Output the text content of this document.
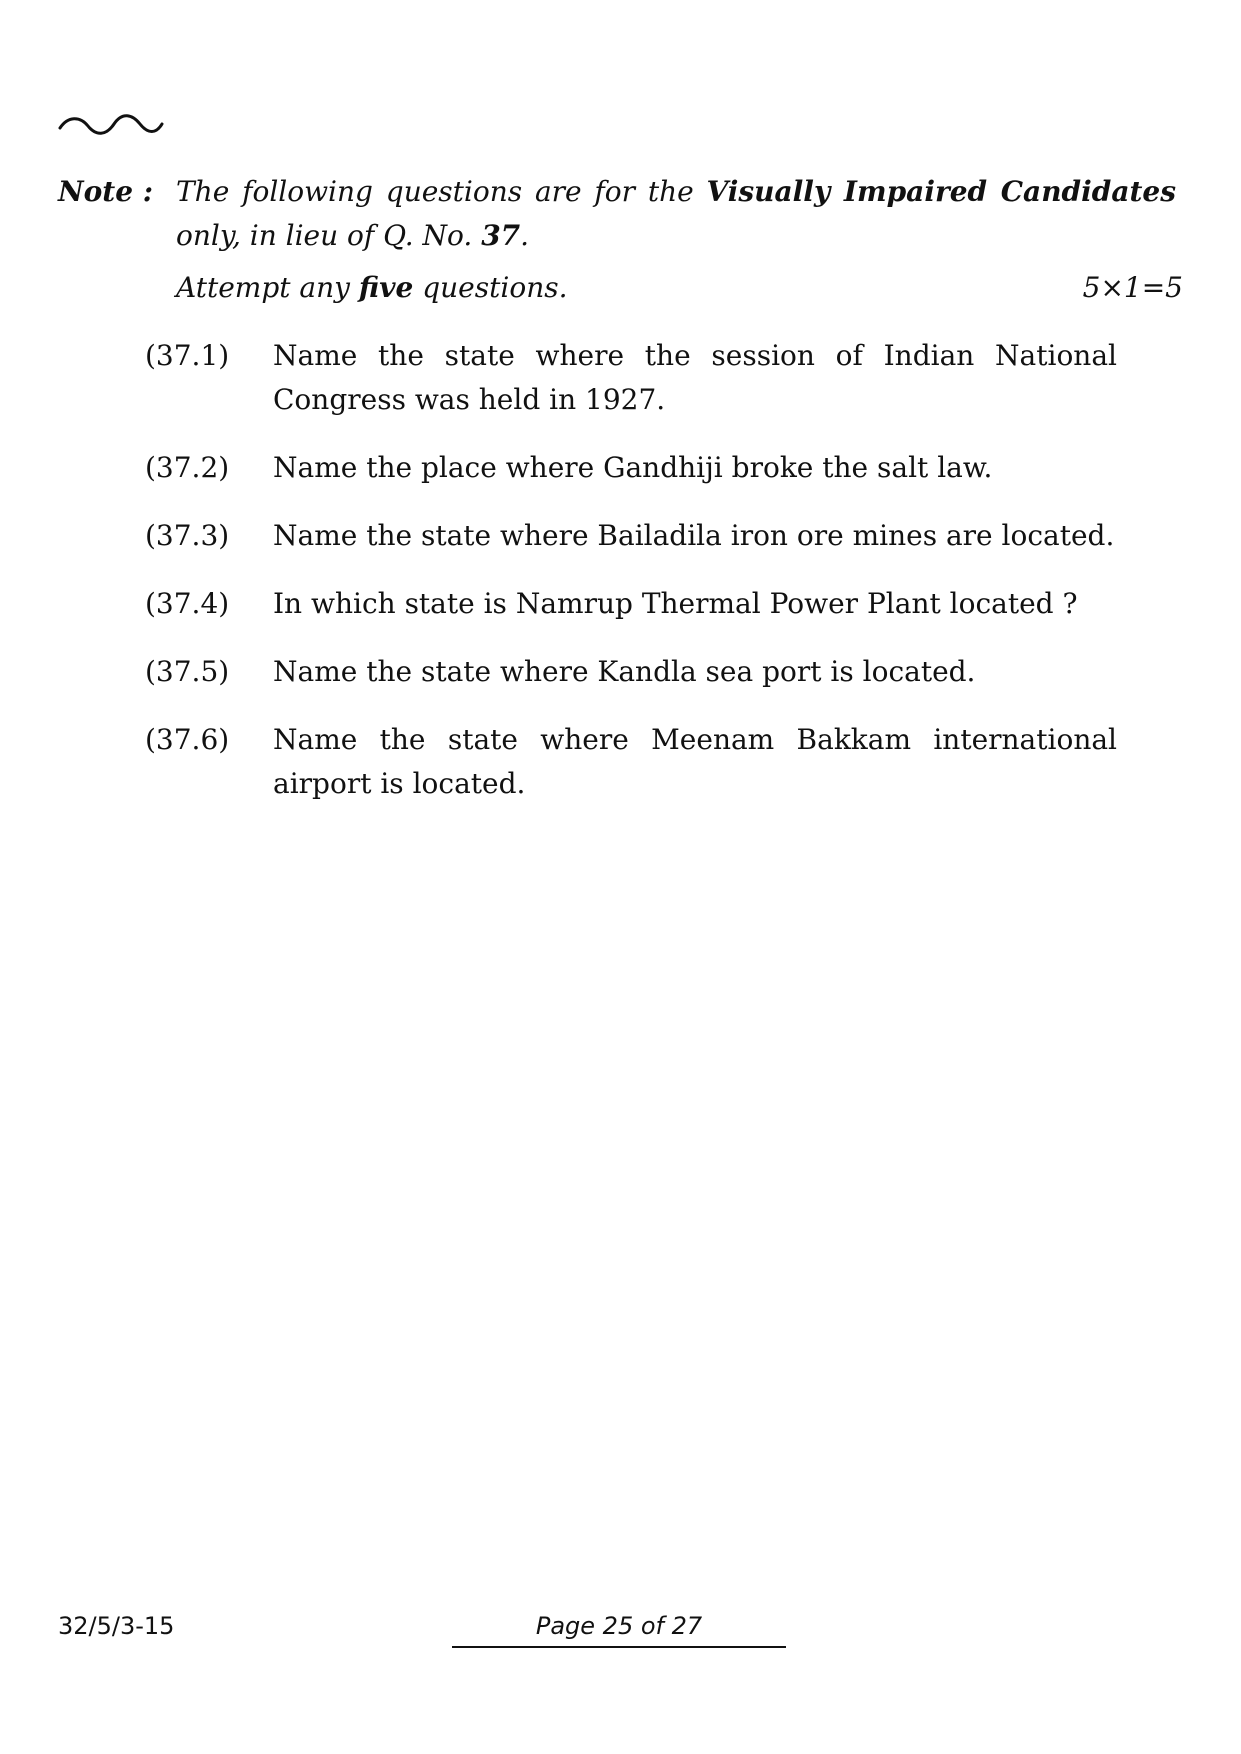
Note : The following questions are for the Visually Impaired Candidates only, in lieu of Q. No. 37.
Attempt any five questions.	5×1=5
(37.1) Name the state where the session of Indian National Congress was held in 1927.
(37.2) Name the place where Gandhiji broke the salt law.
(37.3) Name the state where Bailadila iron ore mines are located.
(37.4) In which state is Namrup Thermal Power Plant located ?
(37.5) Name the state where Kandla sea port is located.
(37.6) Name the state where Meenam Bakkam international airport is located.
32/5/3-15	Page 25 of 27
